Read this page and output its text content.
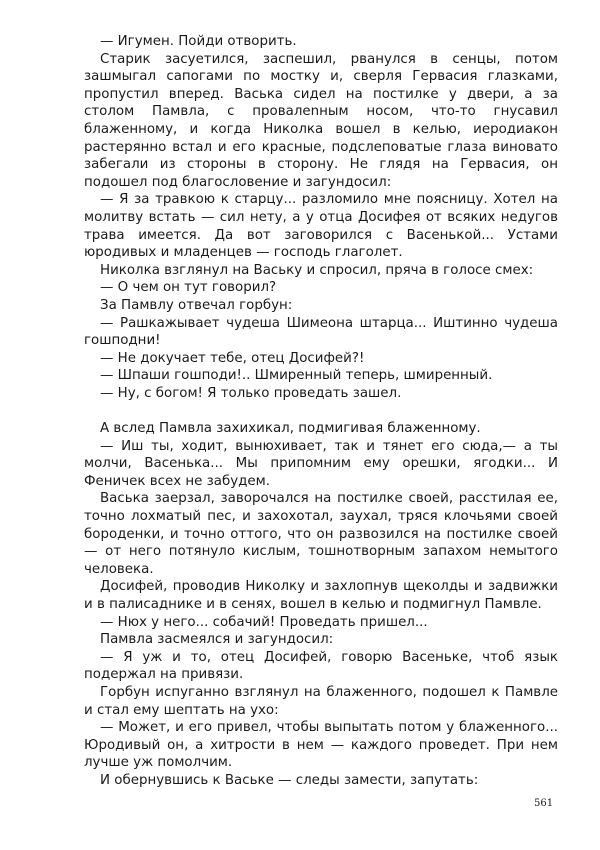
— Игумен. Пойди отворить.

Старик засуетился, заспешил, рванулся в сенцы, потом зашмыгал сапогами по мостку и, сверля Гервасия глазками, пропустил вперед. Васька сидел на постилке у двери, а за столом Памвла, с провалenным носом, что-то гнусавил блаженному, и когда Николка вошел в келью, иеродиакон растерянно встал и его красные, подслеповатые глаза виновато забегали из стороны в сторону. Не глядя на Гервасия, он подошел под благословение и загундосил:

— Я за травкою к старцу... разломило мне поясницу. Хотел на молитву встать — сил нету, а у отца Досифея от всяких недугов трава имеется. Да вот заговорился с Васенькой... Устами юродивых и младенцев — господь глаголет.

Николка взглянул на Ваську и спросил, пряча в голосе смех:

— О чем он тут говорил?

За Памвлу отвечал горбун:

— Рашкажывает чудеша Шимеона штарца... Иштинно чудеша гошподни!

— Не докучает тебе, отец Досифей?!

— Шпаши гошподи!.. Шмиренный теперь, шмиренный.

— Ну, с богом! Я только проведать зашел.

А вслед Памвла захихикал, подмигивая блаженному.

— Иш ты, ходит, вынюхивает, так и тянет его сюда,— а ты молчи, Васенька... Мы припомним ему орешки, ягодки... И Феничек всех не забудем.

Васька заерзал, заворочался на постилке своей, расстилая ее, точно лохматый пес, и захохотал, заухал, тряся клочьями своей бороденки, и точно оттого, что он развозился на постилке своей — от него потянуло кислым, тошнотворным запахом немытого человека.

Досифей, проводив Николку и захлопнув щеколды и задвижки и в палисаднике и в сенях, вошел в келью и подмигнул Памвле.

— Нюх у него... собачий! Проведать пришел...

Памвла засмеялся и загундосил:

— Я уж и то, отец Досифей, говорю Васеньке, чтоб язык подержал на привязи.

Горбун испуганно взглянул на блаженного, подошел к Памвле и стал ему шептать на ухо:

— Может, и его привел, чтобы выпытать потом у блаженного... Юродивый он, а хитрости в нем — каждого проведет. При нем лучше уж помолчим.

И обернувшись к Ваське — следы замести, запутать:

561
